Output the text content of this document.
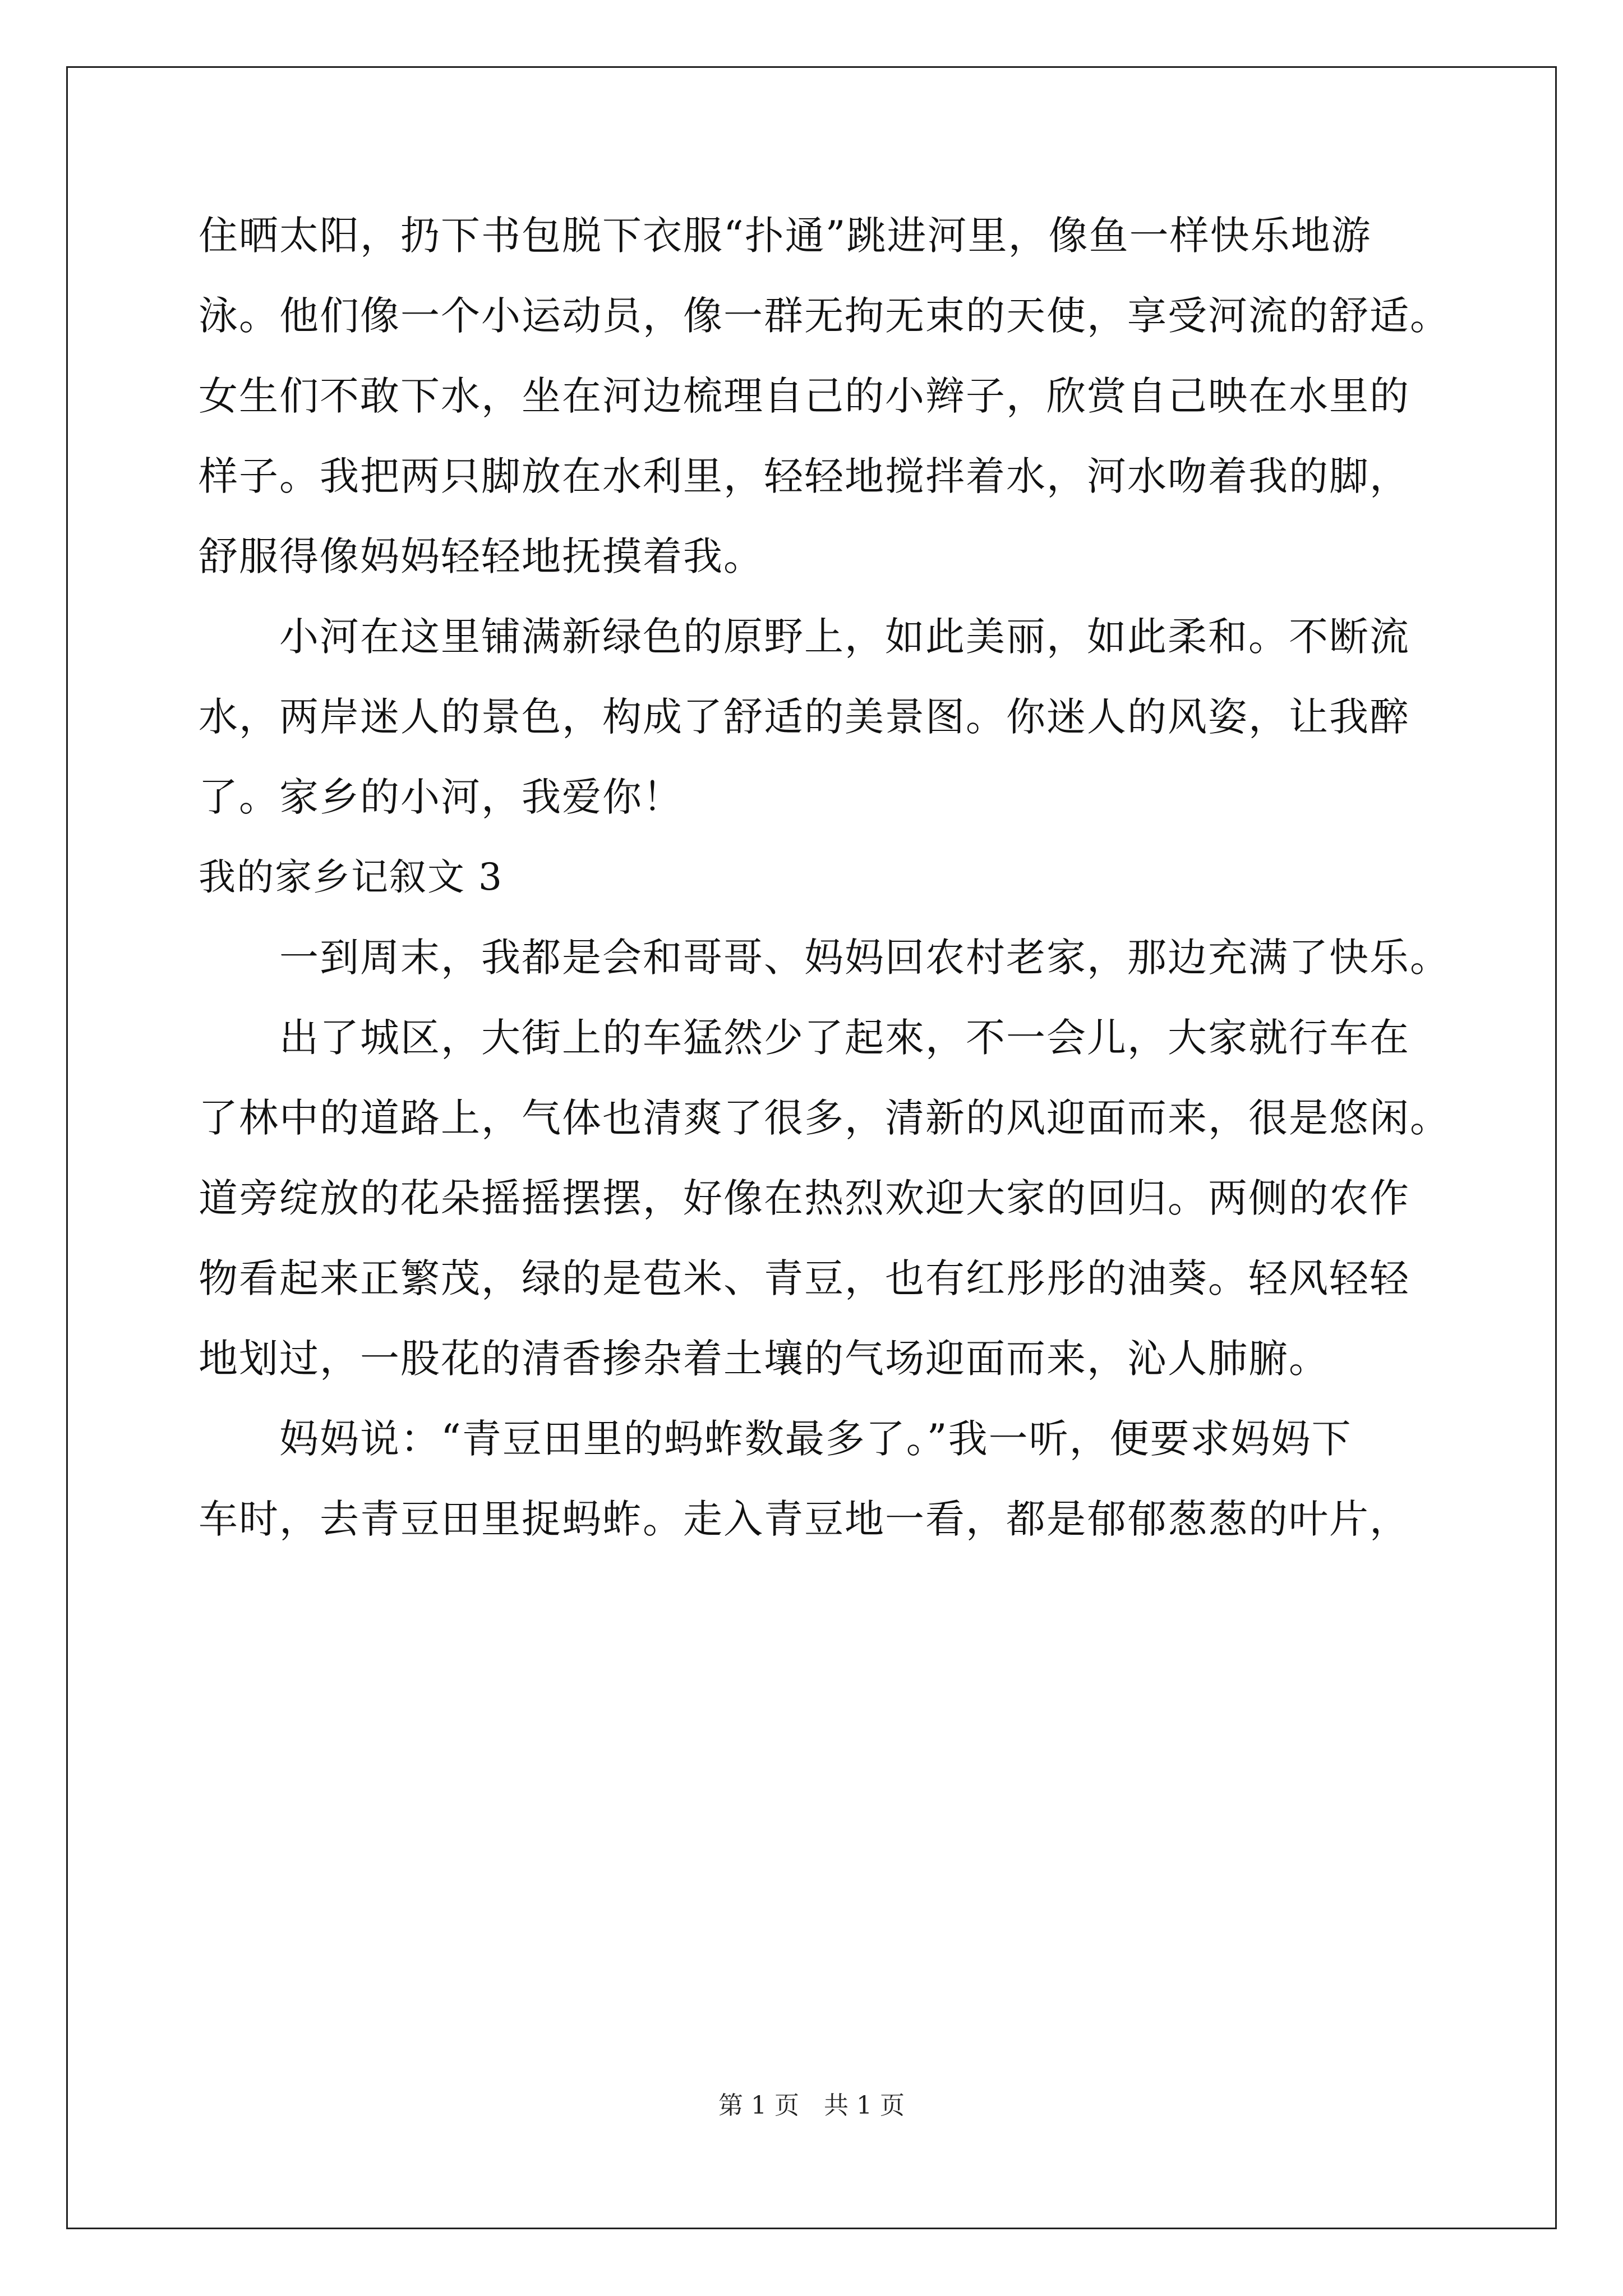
住晒太阳，扔下书包脱下衣服“扑通”跳进河里，像鱼一样快乐地游
泳。他们像一个小运动员，像一群无拘无束的天使，享受河流的舒适。
女生们不敢下水，坐在河边梳理自己的小辫子，欣赏自己映在水里的
样子。我把两只脚放在水利里，轻轻地搅拌着水，河水吻着我的脚，
舒服得像妈妈轻轻地抚摸着我。
　　小河在这里铺满新绿色的原野上，如此美丽，如此柔和。不断流
水，两岸迷人的景色，构成了舒适的美景图。你迷人的风姿，让我醉
了。家乡的小河，我爱你！
我的家乡记叙文 3
　　一到周末，我都是会和哥哥、妈妈回农村老家，那边充满了快乐。
　　出了城区，大街上的车猛然少了起來，不一会儿，大家就行车在
了林中的道路上，气体也清爽了很多，清新的风迎面而来，很是悠闲。
道旁绽放的花朵摇摇摆摆，好像在热烈欢迎大家的回归。两侧的农作
物看起来正繁茂，绿的是苞米、青豆，也有红彤彤的油葵。轻风轻轻
地划过，一股花的清香掺杂着土壤的气场迎面而来，沁人肺腑。
　　妈妈说：“青豆田里的蚂蚱数最多了。”我一听，便要求妈妈下
车时，去青豆田里捉蚂蚱。走入青豆地一看，都是郁郁葱葱的叶片，
第 1 页　共 1 页
